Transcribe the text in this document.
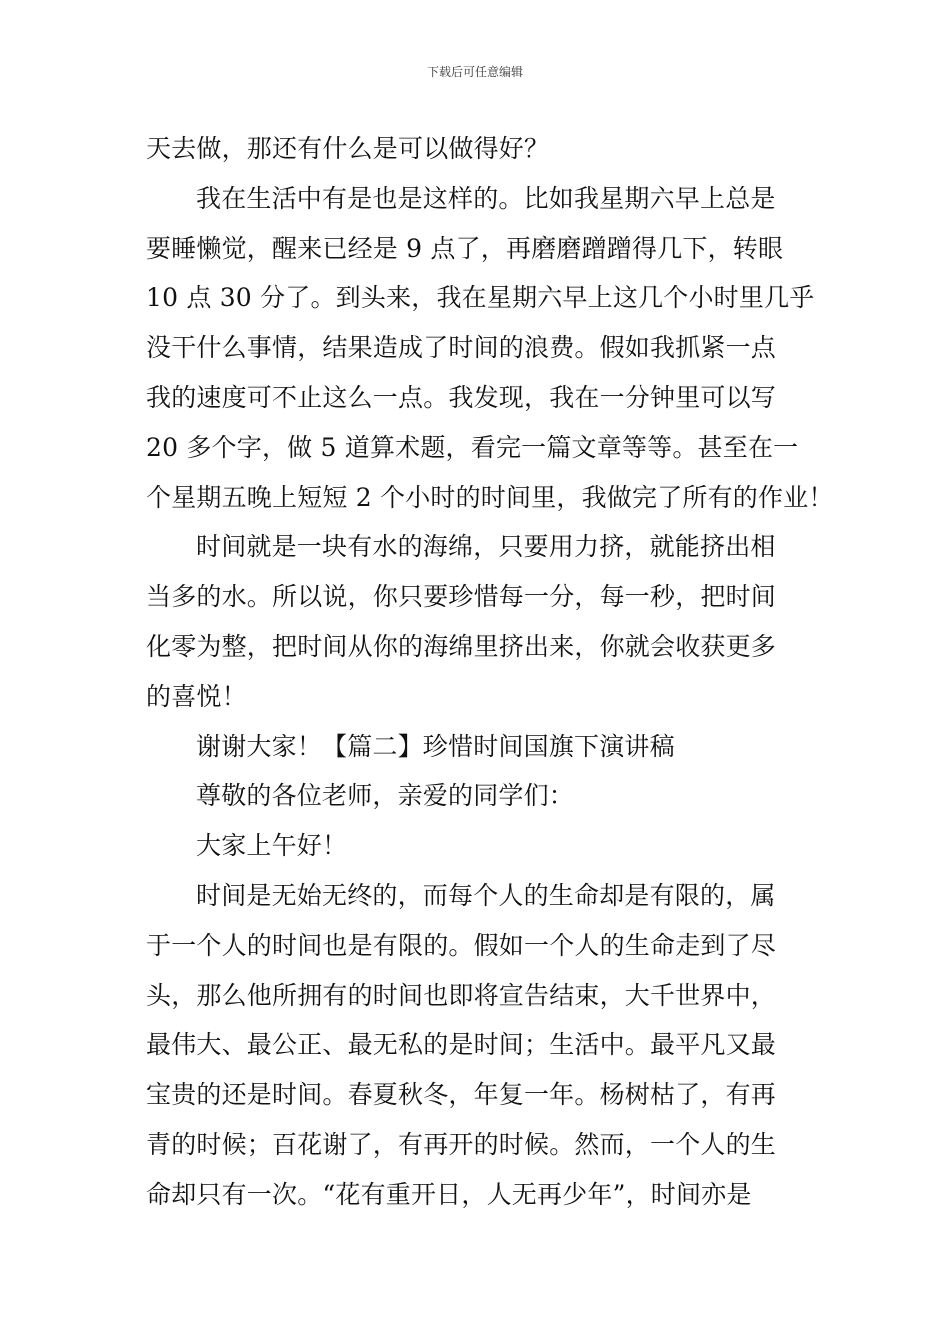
下载后可任意编辑
天去做，那还有什么是可以做得好？
我在生活中有是也是这样的。比如我星期六早上总是
要睡懒觉，醒来已经是 9 点了，再磨磨蹭蹭得几下，转眼
10 点 30 分了。到头来，我在星期六早上这几个小时里几乎
没干什么事情，结果造成了时间的浪费。假如我抓紧一点
我的速度可不止这么一点。我发现，我在一分钟里可以写
20 多个字，做 5 道算术题，看完一篇文章等等。甚至在一
个星期五晚上短短 2 个小时的时间里，我做完了所有的作业！
时间就是一块有水的海绵，只要用力挤，就能挤出相
当多的水。所以说，你只要珍惜每一分，每一秒，把时间
化零为整，把时间从你的海绵里挤出来，你就会收获更多
的喜悦！
谢谢大家！【篇二】珍惜时间国旗下演讲稿
尊敬的各位老师，亲爱的同学们：
大家上午好！
时间是无始无终的，而每个人的生命却是有限的，属
于一个人的时间也是有限的。假如一个人的生命走到了尽
头，那么他所拥有的时间也即将宣告结束，大千世界中，
最伟大、最公正、最无私的是时间；生活中。最平凡又最
宝贵的还是时间。春夏秋冬，年复一年。杨树枯了，有再
青的时候；百花谢了，有再开的时候。然而，一个人的生
命却只有一次。“花有重开日，人无再少年”，时间亦是
